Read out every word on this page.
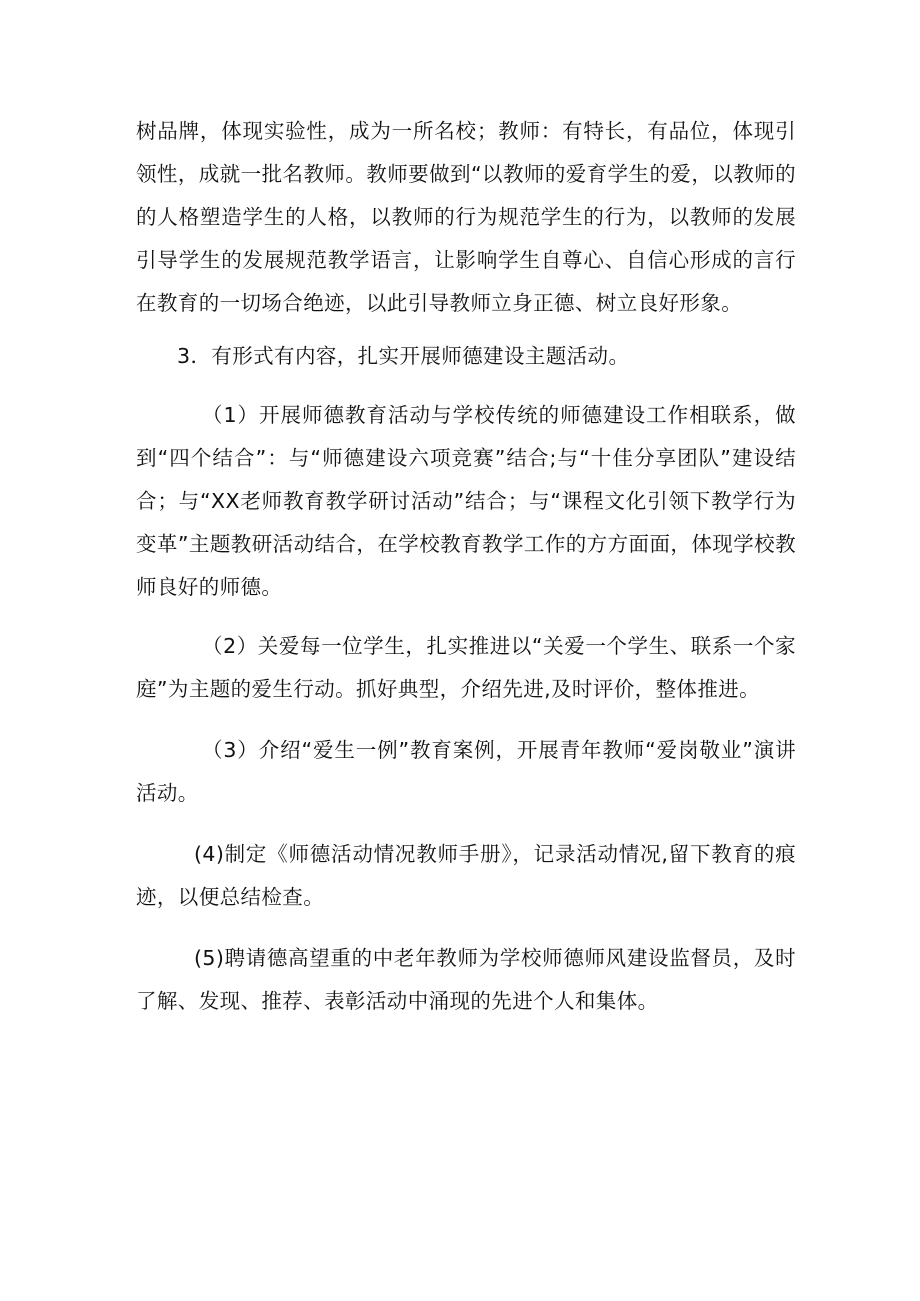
树品牌，体现实验性，成为一所名校；教师：有特长，有品位，体现引领性，成就一批名教师。教师要做到“以教师的爱育学生的爱，以教师的的人格塑造学生的人格，以教师的行为规范学生的行为，以教师的发展引导学生的发展规范教学语言，让影响学生自尊心、自信心形成的言行在教育的一切场合绝迹，以此引导教师立身正德、树立良好形象。

3．有形式有内容，扎实开展师德建设主题活动。

（1）开展师德教育活动与学校传统的师德建设工作相联系，做到“四个结合”：与“师德建设六项竞赛”结合;与“十佳分享团队”建设结合；与“XX老师教育教学研讨活动”结合；与“课程文化引领下教学行为变革”主题教研活动结合，在学校教育教学工作的方方面面，体现学校教师良好的师德。

（2）关爱每一位学生，扎实推进以“关爱一个学生、联系一个家庭”为主题的爱生行动。抓好典型，介绍先进,及时评价，整体推进。

（3）介绍“爱生一例”教育案例，开展青年教师“爱岗敬业”演讲活动。

(4)制定《师德活动情况教师手册》，记录活动情况,留下教育的痕迹，以便总结检查。

(5)聘请德高望重的中老年教师为学校师德师风建设监督员，及时了解、发现、推荐、表彰活动中涌现的先进个人和集体。
